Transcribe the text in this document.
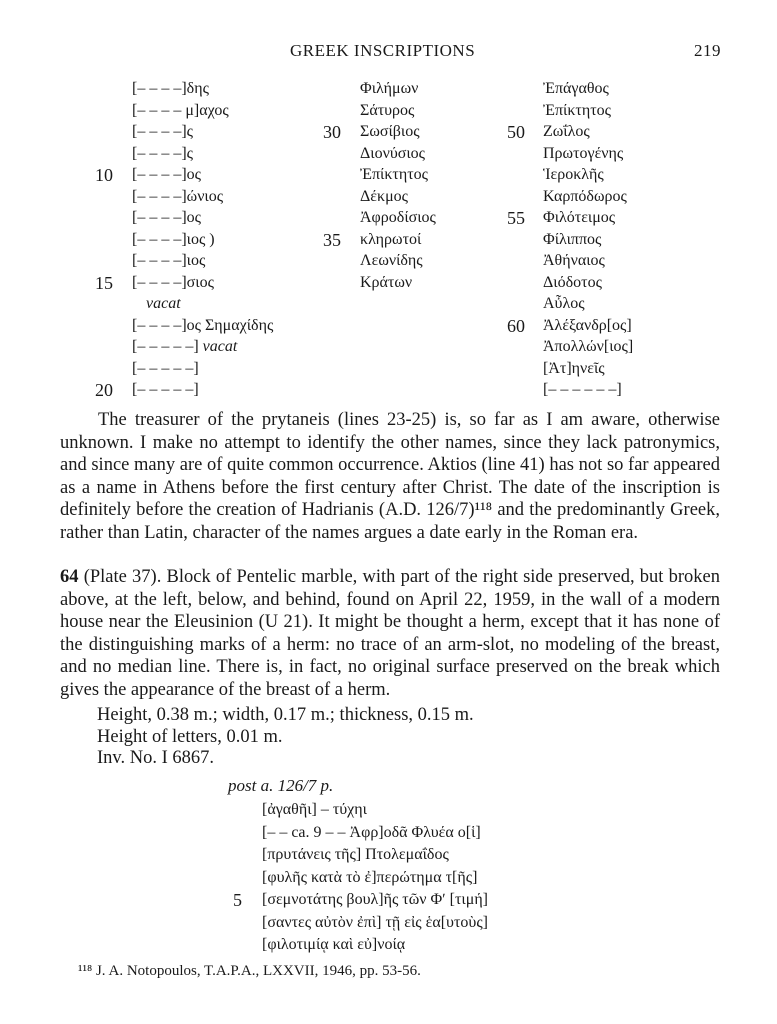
GREEK INSCRIPTIONS	219
[– – – –]δης
[– – – – μ]αχος
[– – – –]ς
[– – – –]ς
10 [– – – –]ος
[– – – –]ώνιος
[– – – –]ος
[– – – –]ιος )
[– – – –]ιος
15 [– – – –]σιος
vacat
[– – – –]ος Σημαχίδης
[– – – – –] vacat
[– – – – –]
20 [– – – – –]
Φιλήμων
Σάτυρος
30 Σωσίβιος
Διονύσιος
Ἐπίκτητος
Δέκμος
Ἀφροδίσιος
35 κληρωτοί
Λεωνίδης
Κράτων
Ἐπάγαθος
Ἐπίκτητος
50 Ζωΐλος
Πρωτογένης
Ἱεροκλῆς
Καρπόδωρος
55 Φιλότειμος
Φίλιππος
Ἀθήναιος
Διόδοτος
Αὖλος
60 Ἀλέξανδρ[ος]
Ἀπολλών[ιος]
[Ἀτ]ηνεῖς
[– – – – – –]

The treasurer of the prytaneis (lines 23-25) is, so far as I am aware, otherwise unknown. I make no attempt to identify the other names, since they lack patronymics, and since many are of quite common occurrence. Aktios (line 41) has not so far appeared as a name in Athens before the first century after Christ. The date of the inscription is definitely before the creation of Hadrianis (A.D. 126/7)¹¹⁸ and the predominantly Greek, rather than Latin, character of the names argues a date early in the Roman era.

64 (Plate 37). Block of Pentelic marble, with part of the right side preserved, but broken above, at the left, below, and behind, found on April 22, 1959, in the wall of a modern house near the Eleusinion (U 21). It might be thought a herm, except that it has none of the distinguishing marks of a herm: no trace of an arm-slot, no modeling of the breast, and no median line. There is, in fact, no original surface preserved on the break which gives the appearance of the breast of a herm.

Height, 0.38 m.; width, 0.17 m.; thickness, 0.15 m.
Height of letters, 0.01 m.
Inv. No. I 6867.
post a. 126/7 p.
[ἀγαθῆι] – τύχηι
[– – ca. 9 – – Ἀφρ]οδᾶ Φλυέα ο[ἱ]
[πρυτάνεις τῆς] Πτολεμαΐδος
[φυλῆς κατὰ τὸ ἐ]περώτημα τ[ῆς]
5 [σεμνοτάτης βουλ]ῆς τῶν Φʹ [τιμή]
[σαντες αὐτὸν ἐπὶ] τῇ εἰς ἑα[υτοὺς]
[φιλοτιμίᾳ καὶ εὐ]νοίᾳ
¹¹⁸ J. A. Notopoulos, T.A.P.A., LXXVII, 1946, pp. 53-56.
